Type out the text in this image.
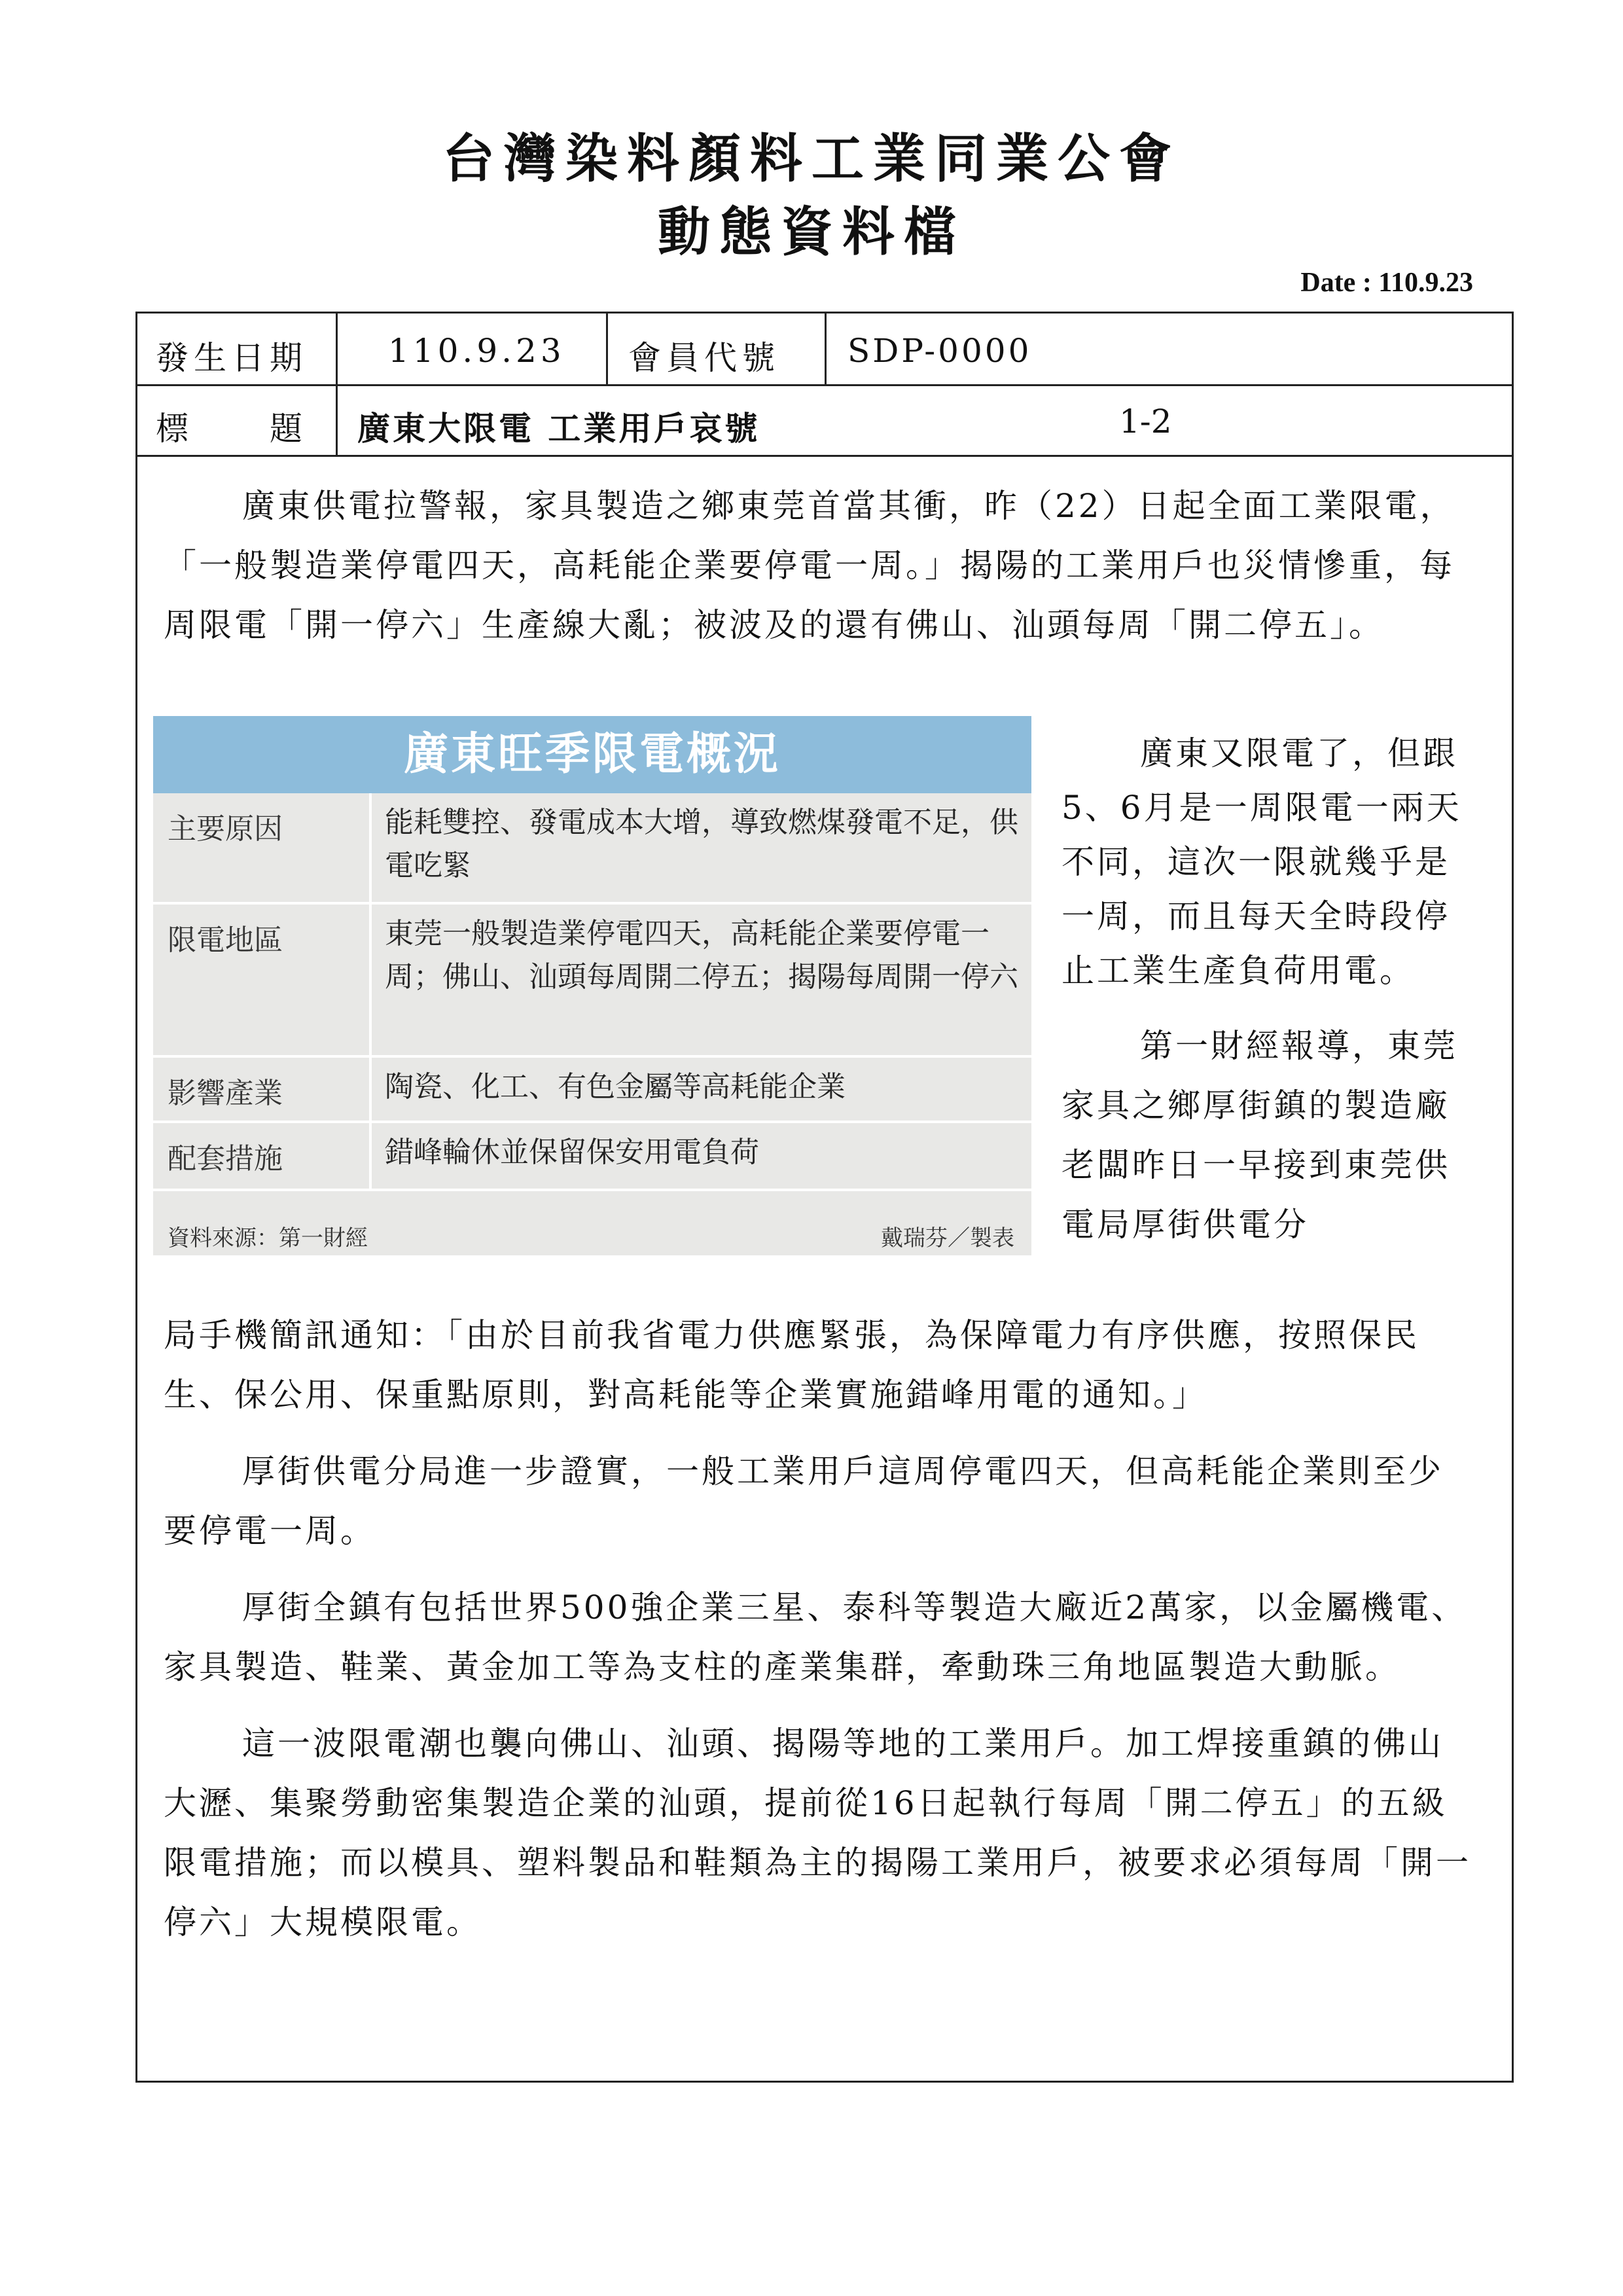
台灣染料顏料工業同業公會
動態資料檔
Date : 110.9.23
發生日期 110.9.23 會員代號 SDP-0000
標　　題 廣東大限電 工業用戶哀號	1-2

廣東供電拉警報，家具製造之鄉東莞首當其衝，昨（22）日起全面工業限電，「一般製造業停電四天，高耗能企業要停電一周。」揭陽的工業用戶也災情慘重，每周限電「開一停六」生產線大亂；被波及的還有佛山、汕頭每周「開二停五」。

廣東旺季限電概況
主要原因	能耗雙控、發電成本大增，導致燃煤發電不足，供電吃緊
限電地區	東莞一般製造業停電四天，高耗能企業要停電一周；佛山、汕頭每周開二停五；揭陽每周開一停六
影響產業	陶瓷、化工、有色金屬等高耗能企業
配套措施	錯峰輪休並保留保安用電負荷
資料來源：第一財經	戴瑞芬／製表

廣東又限電了，但跟5、6月是一周限電一兩天不同，這次一限就幾乎是一周，而且每天全時段停止工業生產負荷用電。

第一財經報導，東莞家具之鄉厚街鎮的製造廠老闆昨日一早接到東莞供電局厚街供電分

局手機簡訊通知：「由於目前我省電力供應緊張，為保障電力有序供應，按照保民生、保公用、保重點原則，對高耗能等企業實施錯峰用電的通知。」

厚街供電分局進一步證實，一般工業用戶這周停電四天，但高耗能企業則至少要停電一周。

厚街全鎮有包括世界500強企業三星、泰科等製造大廠近2萬家，以金屬機電、家具製造、鞋業、黃金加工等為支柱的產業集群，牽動珠三角地區製造大動脈。

這一波限電潮也襲向佛山、汕頭、揭陽等地的工業用戶。加工焊接重鎮的佛山大瀝、集聚勞動密集製造企業的汕頭，提前從16日起執行每周「開二停五」的五級限電措施；而以模具、塑料製品和鞋類為主的揭陽工業用戶，被要求必須每周「開一停六」大規模限電。
